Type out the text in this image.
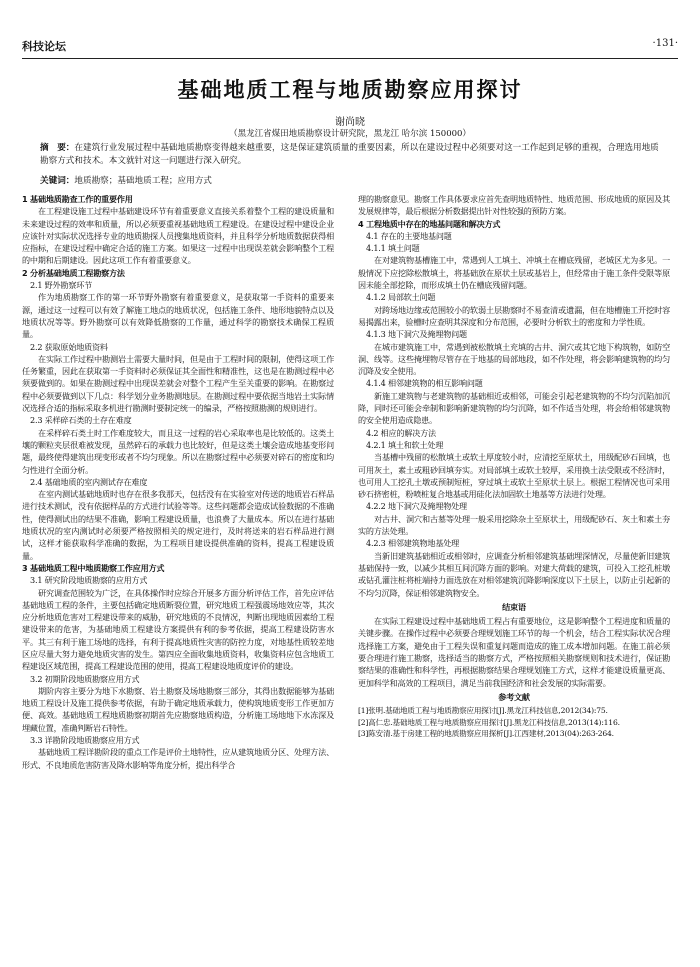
科技论坛	·131·
基础地质工程与地质勘察应用探讨
谢尚晓
（黑龙江省煤田地质勘察设计研究院，黑龙江 哈尔滨 150000）
摘　要：在建筑行业发展过程中基础地质勘察变得越来越重要，这是保证建筑质量的重要因素，所以在建设过程中必须要对这一工作起到足够的重视，合理选用地质勘察方式和技术。本文就针对这一问题进行深入研究。
关键词：地质勘察；基础地质工程；应用方式
1 基础地质勘查工作的重要作用
在工程建设施工过程中基础建设环节有着重要意义直接关系着整个工程的建设质量和未来建设过程的效率和质量，所以必须要重视基础地质工程建设。在建设过程中建设企业应该针对实际状况选择专业的地质勘探人员搜集地质资料，并且科学分析地质数据获得相应指标，在建设过程中确定合适的施工方案。如果这一过程中出现误差就会影响整个工程的中期和后期建设。因此这项工作有着重要意义。
2 分析基础地质工程勘察方法
2.1 野外勘察环节
作为地质勘察工作的第一环节野外勘察有着重要意义，是获取第一手资料的重要来源，通过这一过程可以有效了解施工地点的地质状况，包括施工条件、地形地貌特点以及地质状况等等。野外勘察可以有效降低勘察的工作量，通过科学的勘察技术确保工程质量。
2.2 获取原始地质资料
在实际工作过程中勘测岩土需要大量时间，但是由于工程时间的限制，使得这项工作任务繁重，因此在获取第一手资料时必须保证其全面性和精准性，这也是在勘测过程中必须要做到的。如果在勘测过程中出现误差就会对整个工程产生至关重要的影响。在勘察过程中必须要做到以下几点：科学划分业务勘测地层。在勘测过程中要依据当地岩土实际情况选择合适的指标采取多机进行勘测时要制定统一的编录，严格按照勘测的规则进行。
2.3 采样碎石类的土存在难度
在采样碎石类土时工作难度较大，而且这一过程的岩心采取率也是比较低的。这类土壤的颗粒夹层很难被发现，虽然碎石的承载力也比较好，但是这类土壤会造成地基变形问题，最终使得建筑出现变形或者不均匀现象。所以在勘察过程中必须要对碎石的密度和均匀性进行全面分析。
2.4 基础地质的室内测试存在难度
在室内测试基础地质时也存在很多我那天，包括没有在实验室对传送的地质岩石样品进行技术测试，没有依据样品的方式进行试验等等。这些问题都会造成试验数据的不准确性，使得测试出的结果不准确，影响工程建设质量，也浪费了大量成本。所以在进行基础地质状况的室内测试时必须要严格按照相关的规定进行，及时将送来的岩石样品进行测试，这样才能获取科学准确的数据，为工程项目建设提供准确的资料，提高工程建设质量。
3 基础地质工程中地质勘察工作应用方式
3.1 研究阶段地质勘察的应用方式
研究调查范围较为广泛，在具体操作时应综合开展多方面分析评估工作，首先应评估基础地质工程的条件，主要包括确定地质断裂位置，研究地质工程强震场地效应等，其次应分析地质危害对工程建设带来的威胁，研究地质的不良情况，判断出现地质因素给工程建设带来的危害，为基础地质工程建设方案提供有利的参考依据，提高工程建设防害水平。其三有利于施工场地的选择，有利于提高地质性灾害的防控力度，对地基性质较差地区应尽量大努力避免地质灾害的发生。第四应全面收集地质资料，收集资料应包含地质工程建设区域范围，提高工程建设范围的使用，提高工程建设地质度评价的建设。
3.2 初期阶段地质勘察应用方式
期阶内容主要分为地下水勘察、岩土勘察及场地勘察三部分，其得出数据能够为基础地质工程设计及施工提供参考依据，有助于确定地质承载力，使构筑地质变形工作更加方便、高效。基础地质工程地质勘察初期首先应勘察地质构造，分析施工场地地下水冻深及埋藏位置，准确判断岩石特性。
3.3 详勘阶段地质勘察应用方式
基础地质工程详勘阶段的重点工作是评价土地特性，应从建筑地质分区、处理方法、形式、不良地质危害防害及降水影响等角度分析，提出科学合
理的勘察意见。勘察工作具体要求应首先查明地质特性、地质范围、形成地质的原因及其发展规律等，最后根据分析数据提出针对性较强的预防方案。
4 工程地质中存在的地基问题和解决方式
4.1 存在的主要地基问题
4.1.1 填土问题
在对建筑物基槽施工中，常遇到人工填土、冲填土在槽底残留，老城区尤为多见。一般情况下应挖除松散填土，将基础放在原状土层或基岩上，但经常由于施工条件受限等原因未能全部挖除，而形成填土仍在槽底残留问题。
4.1.2 局部软土问题
对跨场地边缘或范围较小的软弱土层勘察时不易查清或遗漏，但在地槽施工开挖时容易揭露出来，验槽时应查明其深度和分布范围，必要时分析软土的密度和力学性质。
4.1.3 地下洞穴及掩埋物问题
在城市建筑施工中，常遇到被松散填土充填的古井、洞穴或其它地下构筑物，如防空洞、线等。这些掩埋物尽管存在于地基的局部地段，如不作处理，将会影响建筑物的均匀沉降及安全使用。
4.1.4 相邻建筑物的相互影响问题
新施工建筑物与老建筑物的基础相近或相邻，可能会引起老建筑物的不均匀沉陷加沉降，同时还可能会牵制和影响新建筑物的均匀沉降，如不作适当处理，将会给相邻建筑物的安全使用造成隐患。
4.2 相应的解决方法
4.2.1 填土和软土处理
当基槽中残留的松散填土或软土厚度较小时，应清挖至原状土，用级配砂石回填，也可用灰土，素土或粗砂回填夯实。对局部填土或软土较厚，采用换土法受限或不经济时，也可用人工挖孔土墩或预制短桩，穿过填土或软土至原状土层上。根据工程情况也可采用砂石挤密桩，粉喷桩复合地基或用硅化法加固软土地基等方法进行处理。
4.2.2 地下洞穴及掩埋物处理
对古井、洞穴和古墓等处理一般采用挖除杂土至原状土，用级配砂石、灰土和素土夯实的方法处理。
4.2.3 相邻建筑物地基处理
当新旧建筑基础相近或相邻时，应调查分析相邻建筑基础埋深情况，尽量使新旧建筑基础保持一致，以减少其相互间沉降方面的影响。对建大荷载的建筑，可投入工挖孔桩墩或钻孔灌注桩将桩端持力面选放在对相邻建筑沉降影响深度以下土层上，以防止引起新的不均匀沉降，保证相邻建筑物安全。
结束语
在实际工程建设过程中基础地质工程占有重要地位，这是影响整个工程进度和质量的关键步骤。在操作过程中必须要合理规划施工环节的每一个机会，结合工程实际状况合理选择施工方案，避免由于工程失误和重复问题而造成的施工成本增加问题。在施工前必须要合理进行施工勘察，选择适当的勘察方式，严格按照相关勘察规则和技术进行，保证勘察结果的准确性和科学性，再根据勘察结果合理规划施工方式，这样才能建设质量更高、更加科学和高效的工程项目，满足当前我国经济和社会发展的实际需要。
参考文献
[1]张明.基础地质工程与地质勘察应用探讨[J].黑龙江科技信息,2012(34):75.
[2]高仁忠.基础地质工程与地质勘察应用探讨[J].黑龙江科技信息,2013(14):116.
[3]陈安清.基于房建工程的地质勘察应用探析[J].江西建材,2013(04):263-264.
